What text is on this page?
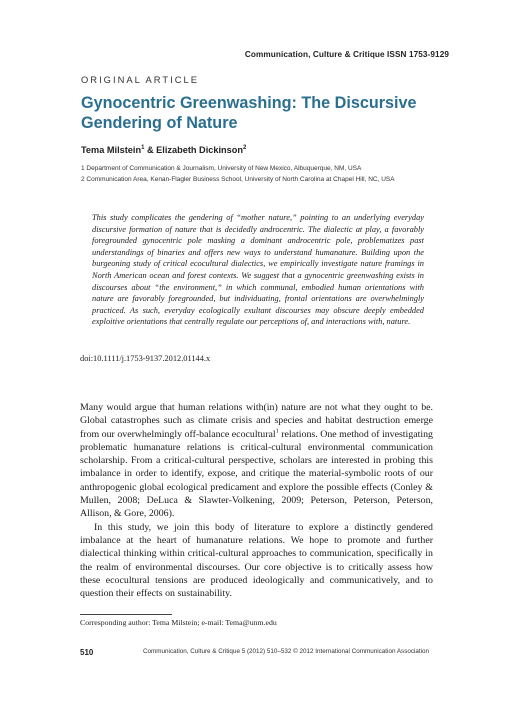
Communication, Culture & Critique ISSN 1753-9129
ORIGINAL ARTICLE
Gynocentric Greenwashing: The Discursive Gendering of Nature
Tema Milstein$^1$ & Elizabeth Dickinson$^2$
1 Department of Communication & Journalism, University of New Mexico, Albuquerque, NM, USA
2 Communication Area, Kenan-Flagler Business School, University of North Carolina at Chapel Hill, NC, USA
This study complicates the gendering of “mother nature,” pointing to an underlying everyday discursive formation of nature that is decidedly androcentric. The dialectic at play, a favorably foregrounded gynocentric pole masking a dominant androcentric pole, problematizes past understandings of binaries and offers new ways to understand humanature. Building upon the burgeoning study of critical ecocultural dialectics, we empirically investigate nature framings in North American ocean and forest contexts. We suggest that a gynocentric greenwashing exists in discourses about “the environment,” in which communal, embodied human orientations with nature are favorably foregrounded, but individuating, frontal orientations are overwhelmingly practiced. As such, everyday ecologically exultant discourses may obscure deeply embedded exploitive orientations that centrally regulate our perceptions of, and interactions with, nature.
doi:10.1111/j.1753-9137.2012.01144.x

Many would argue that human relations with(in) nature are not what they ought to be. Global catastrophes such as climate crisis and species and habitat destruction emerge from our overwhelmingly off-balance ecocultural$^1$ relations. One method of investigating problematic humanature relations is critical-cultural environmental communication scholarship. From a critical-cultural perspective, scholars are interested in probing this imbalance in order to identify, expose, and critique the material-symbolic roots of our anthropogenic global ecological predicament and explore the possible effects (Conley & Mullen, 2008; DeLuca & Slawter-Volkening, 2009; Peterson, Peterson, Peterson, Allison, & Gore, 2006).

In this study, we join this body of literature to explore a distinctly gendered imbalance at the heart of humanature relations. We hope to promote and further dialectical thinking within critical-cultural approaches to communication, specifically in the realm of environmental discourses. Our core objective is to critically assess how these ecocultural tensions are produced ideologically and communicatively, and to question their effects on sustainability.

Corresponding author: Tema Milstein; e-mail: Tema@unm.edu
510	Communication, Culture & Critique 5 (2012) 510–532 © 2012 International Communication Association
